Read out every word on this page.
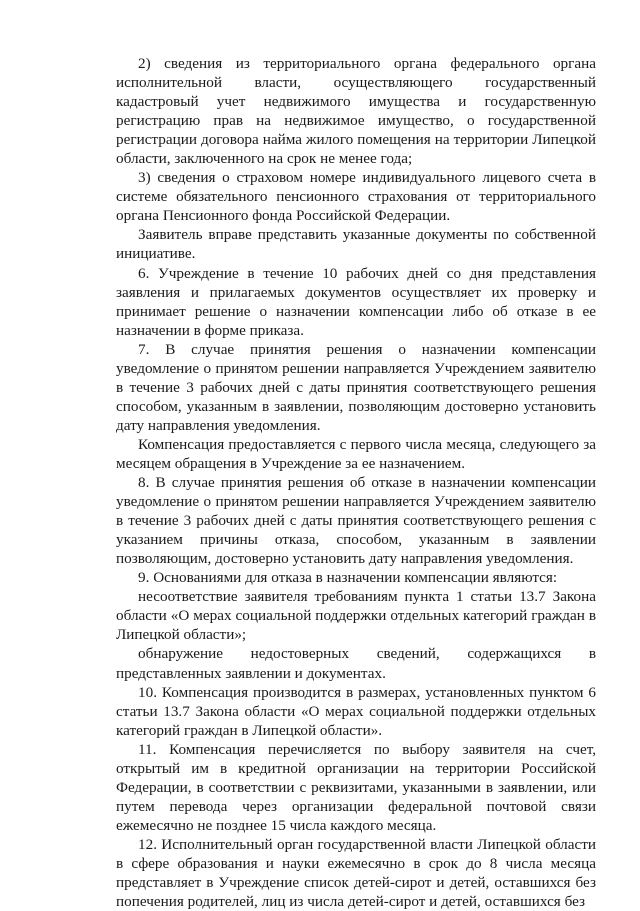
2) сведения из территориального органа федерального органа исполнительной власти, осуществляющего государственный кадастровый учет недвижимого имущества и государственную регистрацию прав на недвижимое имущество, о государственной регистрации договора найма жилого помещения на территории Липецкой области, заключенного на срок не менее года;

3) сведения о страховом номере индивидуального лицевого счета в системе обязательного пенсионного страхования от территориального органа Пенсионного фонда Российской Федерации.

Заявитель вправе представить указанные документы по собственной инициативе.

6. Учреждение в течение 10 рабочих дней со дня представления заявления и прилагаемых документов осуществляет их проверку и принимает решение о назначении компенсации либо об отказе в ее назначении в форме приказа.

7. В случае принятия решения о назначении компенсации уведомление о принятом решении направляется Учреждением заявителю в течение 3 рабочих дней с даты принятия соответствующего решения способом, указанным в заявлении, позволяющим достоверно установить дату направления уведомления.

Компенсация предоставляется с первого числа месяца, следующего за месяцем обращения в Учреждение за ее назначением.

8. В случае принятия решения об отказе в назначении компенсации уведомление о принятом решении направляется Учреждением заявителю в течение 3 рабочих дней с даты принятия соответствующего решения с указанием причины отказа, способом, указанным в заявлении позволяющим, достоверно установить дату направления уведомления.

9. Основаниями для отказа в назначении компенсации являются:

несоответствие заявителя требованиям пункта 1 статьи 13.7 Закона области «О мерах социальной поддержки отдельных категорий граждан в Липецкой области»;

обнаружение недостоверных сведений, содержащихся в представленных заявлении и документах.

10. Компенсация производится в размерах, установленных пунктом 6 статьи 13.7 Закона области «О мерах социальной поддержки отдельных категорий граждан в Липецкой области».

11. Компенсация перечисляется по выбору заявителя на счет, открытый им в кредитной организации на территории Российской Федерации, в соответствии с реквизитами, указанными в заявлении, или путем перевода через организации федеральной почтовой связи ежемесячно не позднее 15 числа каждого месяца.

12. Исполнительный орган государственной власти Липецкой области в сфере образования и науки ежемесячно в срок до 8 числа месяца представляет в Учреждение список детей-сирот и детей, оставшихся без попечения родителей, лиц из числа детей-сирот и детей, оставшихся без
